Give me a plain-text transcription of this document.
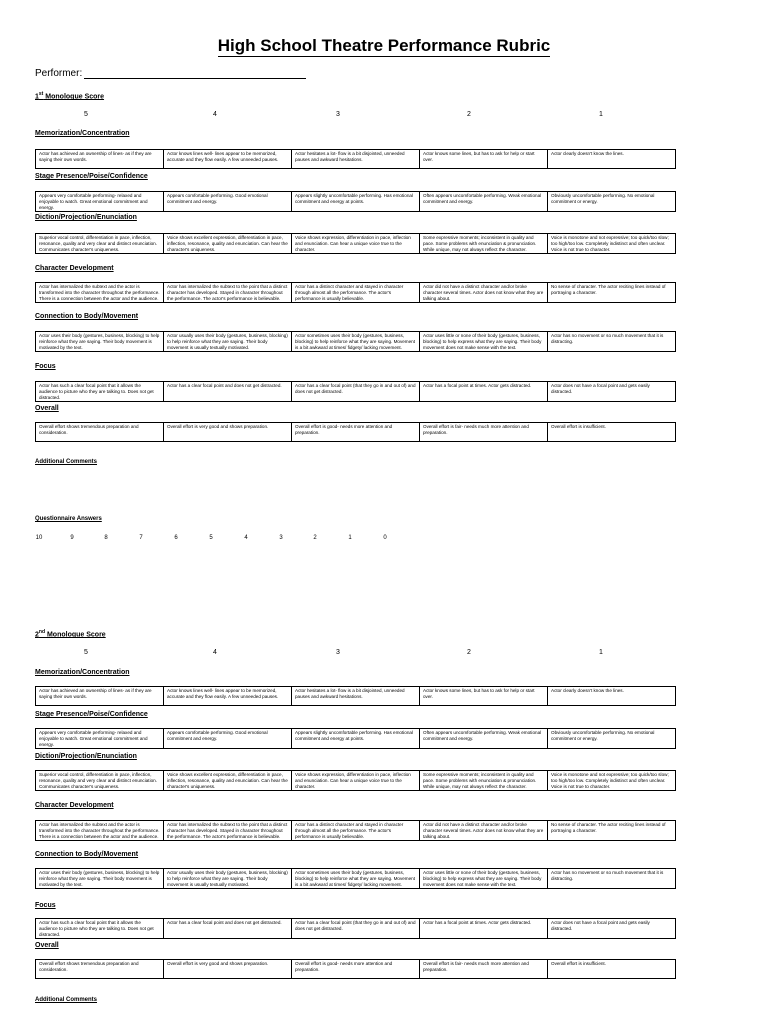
High School Theatre Performance Rubric
Performer:
1st Monologue Score
5	4	3	2	1
Memorization/Concentration
Actor has achieved an ownership of lines- as if they are saying their own words.	Actor knows lines well- lines appear to be memorized, accurate and they flow easily. A few unneeded pauses.	Actor hesitates a lot- flow is a bit disjointed, unneeded pauses and awkward hesitations.	Actor knows some lines, but has to ask for help or start over.	Actor clearly doesn't know the lines.
Stage Presence/Poise/Confidence
Appears very comfortable performing- relaxed and enjoyable to watch. Great emotional commitment and energy.	Appears comfortable performing. Good emotional commitment and energy.	Appears slightly uncomfortable performing. Has emotional commitment and energy at points.	Often appears uncomfortable performing. Weak emotional commitment and energy.	Obviously uncomfortable performing. No emotional commitment or energy.
Diction/Projection/Enunciation
Superior vocal control, differentiation in pace, inflection, resonance, quality and very clear and distinct enunciation. Communicates character's uniqueness.	Voice shows excellent expression, differentiation in pace, inflection, resonance, quality and enunciation. Can hear the character's uniqueness.	Voice shows expression, differentiation in pace, inflection and enunciation. Can hear a unique voice true to the character.	Some expressive moments; inconsistent in quality and pace. Some problems with enunciation & pronunciation. While unique, may not always reflect the character.	Voice is monotone and not expressive; too quick/too slow; too high/too low. Completely indistinct and often unclear. Voice is not true to character.
Character Development
Actor has internalized the subtext and the actor is transformed into the character throughout the performance. There is a connection between the actor and the audience.	Actor has internalized the subtext to the point that a distinct character has developed. Stayed in character throughout the performance. The actor's performance is believable.	Actor has a distinct character and stayed in character through almost all the performance. The actor's performance is usually believable.	Actor did not have a distinct character and/or broke character several times. Actor does not know what they are talking about.	No sense of character. The actor reciting lines instead of portraying a character.
Connection to Body/Movement
Actor uses their body (gestures, business, blocking) to help reinforce what they are saying. Their body movement is motivated by the text.	Actor usually uses their body (gestures, business, blocking) to help reinforce what they are saying. Their body movement is usually textually motivated.	Actor sometimes uses their body (gestures, business, blocking) to help reinforce what they are saying. Movement is a bit awkward at times/ fidgety/ lacking movement.	Actor uses little or none of their body (gestures, business, blocking) to help express what they are saying. Their body movement does not make sense with the text.	Actor has no movement or so much movement that it is distracting.
Focus
Actor has such a clear focal point that it allows the audience to picture who they are talking to. Does not get distracted.	Actor has a clear focal point and does not get distracted.	Actor has a clear focal point (that they go in and out of) and does not get distracted.	Actor has a focal point at times. Actor gets distracted.	Actor does not have a focal point and gets easily distracted.
Overall
Overall effort shows tremendous preparation and consideration.	Overall effort is very good and shows preparation.	Overall effort is good- needs more attention and preparation.	Overall effort is fair- needs much more attention and preparation.	Overall effort is insufficient.
Additional Comments
Questionnaire Answers
10	9	8	7	6	5	4	3	2	1	0
2nd Monologue Score
5	4	3	2	1
Memorization/Concentration
Actor has achieved an ownership of lines- as if they are saying their own words.	Actor knows lines well- lines appear to be memorized, accurate and they flow easily. A few unneeded pauses.	Actor hesitates a lot- flow is a bit disjointed, unneeded pauses and awkward hesitations.	Actor knows some lines, but has to ask for help or start over.	Actor clearly doesn't know the lines.
Stage Presence/Poise/Confidence
Appears very comfortable performing- relaxed and enjoyable to watch. Great emotional commitment and energy.	Appears comfortable performing. Good emotional commitment and energy.	Appears slightly uncomfortable performing. Has emotional commitment and energy at points.	Often appears uncomfortable performing. Weak emotional commitment and energy.	Obviously uncomfortable performing. No emotional commitment or energy.
Diction/Projection/Enunciation
Superior vocal control, differentiation in pace, inflection, resonance, quality and very clear and distinct enunciation. Communicates character's uniqueness.	Voice shows excellent expression, differentiation in pace, inflection, resonance, quality and enunciation. Can hear the character's uniqueness.	Voice shows expression, differentiation in pace, inflection and enunciation. Can hear a unique voice true to the character.	Some expressive moments; inconsistent in quality and pace. Some problems with enunciation & pronunciation. While unique, may not always reflect the character.	Voice is monotone and not expressive; too quick/too slow; too high/too low. Completely indistinct and often unclear. Voice is not true to character.
Character Development
Actor has internalized the subtext and the actor is transformed into the character throughout the performance. There is a connection between the actor and the audience.	Actor has internalized the subtext to the point that a distinct character has developed. Stayed in character throughout the performance. The actor's performance is believable.	Actor has a distinct character and stayed in character through almost all the performance. The actor's performance is usually believable.	Actor did not have a distinct character and/or broke character several times. Actor does not know what they are talking about.	No sense of character. The actor reciting lines instead of portraying a character.
Connection to Body/Movement
Actor uses their body (gestures, business, blocking) to help reinforce what they are saying. Their body movement is motivated by the text.	Actor usually uses their body (gestures, business, blocking) to help reinforce what they are saying. Their body movement is usually textually motivated.	Actor sometimes uses their body (gestures, business, blocking) to help reinforce what they are saying. Movement is a bit awkward at times/ fidgety/ lacking movement.	Actor uses little or none of their body (gestures, business, blocking) to help express what they are saying. Their body movement does not make sense with the text.	Actor has no movement or so much movement that it is distracting.
Focus
Actor has such a clear focal point that it allows the audience to picture who they are talking to. Does not get distracted.	Actor has a clear focal point and does not get distracted.	Actor has a clear focal point (that they go in and out of) and does not get distracted.	Actor has a focal point at times. Actor gets distracted.	Actor does not have a focal point and gets easily distracted.
Overall
Overall effort shows tremendous preparation and consideration.	Overall effort is very good and shows preparation.	Overall effort is good- needs more attention and preparation.	Overall effort is fair- needs much more attention and preparation.	Overall effort is insufficient.
Additional Comments
